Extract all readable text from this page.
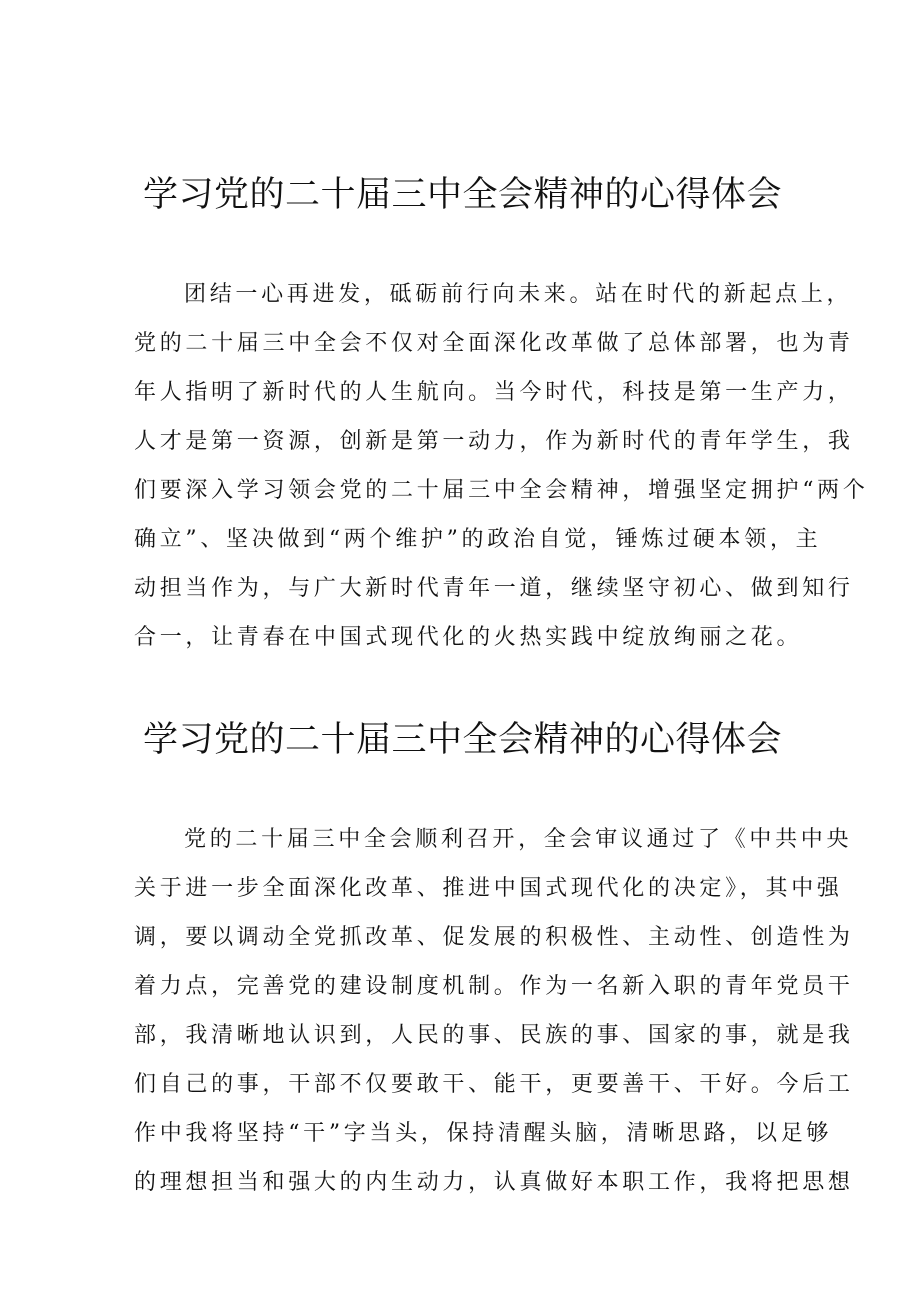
学习党的二十届三中全会精神的心得体会
团结一心再进发，砥砺前行向未来。站在时代的新起点上，
党的二十届三中全会不仅对全面深化改革做了总体部署，也为青
年人指明了新时代的人生航向。当今时代，科技是第一生产力，
人才是第一资源，创新是第一动力，作为新时代的青年学生，我
们要深入学习领会党的二十届三中全会精神，增强坚定拥护“两个
确立”、坚决做到“两个维护”的政治自觉，锤炼过硬本领，主
动担当作为，与广大新时代青年一道，继续坚守初心、做到知行
合一，让青春在中国式现代化的火热实践中绽放绚丽之花。
学习党的二十届三中全会精神的心得体会
党的二十届三中全会顺利召开，全会审议通过了《中共中央
关于进一步全面深化改革、推进中国式现代化的决定》，其中强
调，要以调动全党抓改革、促发展的积极性、主动性、创造性为
着力点，完善党的建设制度机制。作为一名新入职的青年党员干
部，我清晰地认识到，人民的事、民族的事、国家的事，就是我
们自己的事，干部不仅要敢干、能干，更要善干、干好。今后工
作中我将坚持“干”字当头，保持清醒头脑，清晰思路，以足够
的理想担当和强大的内生动力，认真做好本职工作，我将把思想
